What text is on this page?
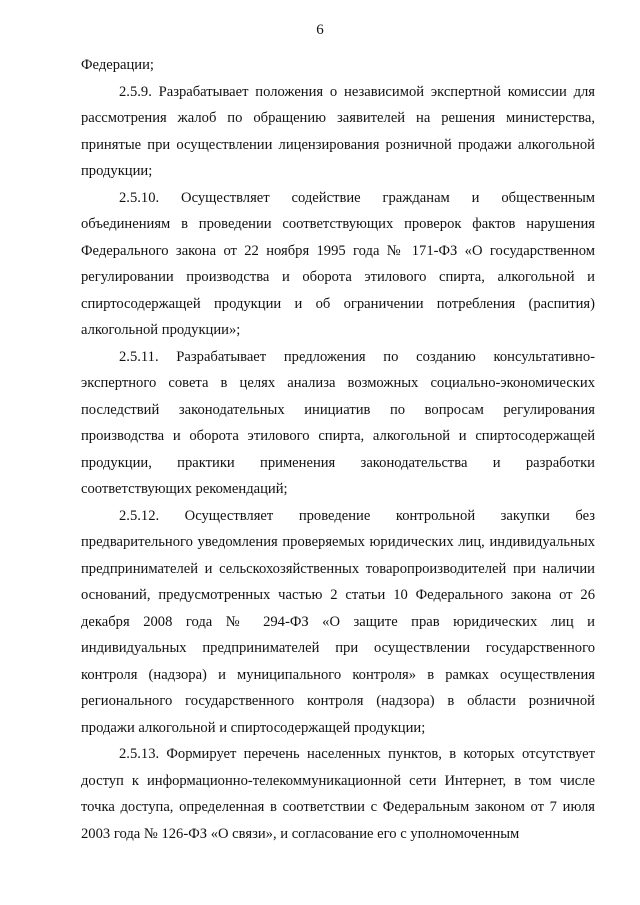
6

Федерации;

2.5.9. Разрабатывает положения о независимой экспертной комиссии для рассмотрения жалоб по обращению заявителей на решения министерства, принятые при осуществлении лицензирования розничной продажи алкогольной продукции;

2.5.10. Осуществляет содействие гражданам и общественным объединениям в проведении соответствующих проверок фактов нарушения Федерального закона от 22 ноября 1995 года № 171-ФЗ «О государственном регулировании производства и оборота этилового спирта, алкогольной и спиртосодержащей продукции и об ограничении потребления (распития) алкогольной продукции»;

2.5.11. Разрабатывает предложения по созданию консультативно-экспертного совета в целях анализа возможных социально-экономических последствий законодательных инициатив по вопросам регулирования производства и оборота этилового спирта, алкогольной и спиртосодержащей продукции, практики применения законодательства и разработки соответствующих рекомендаций;

2.5.12. Осуществляет проведение контрольной закупки без предварительного уведомления проверяемых юридических лиц, индивидуальных предпринимателей и сельскохозяйственных товаропроизводителей при наличии оснований, предусмотренных частью 2 статьи 10 Федерального закона от 26 декабря 2008 года № 294-ФЗ «О защите прав юридических лиц и индивидуальных предпринимателей при осуществлении государственного контроля (надзора) и муниципального контроля» в рамках осуществления регионального государственного контроля (надзора) в области розничной продажи алкогольной и спиртосодержащей продукции;

2.5.13. Формирует перечень населенных пунктов, в которых отсутствует доступ к информационно-телекоммуникационной сети Интернет, в том числе точка доступа, определенная в соответствии с Федеральным законом от 7 июля 2003 года № 126-ФЗ «О связи», и согласование его с уполномоченным
